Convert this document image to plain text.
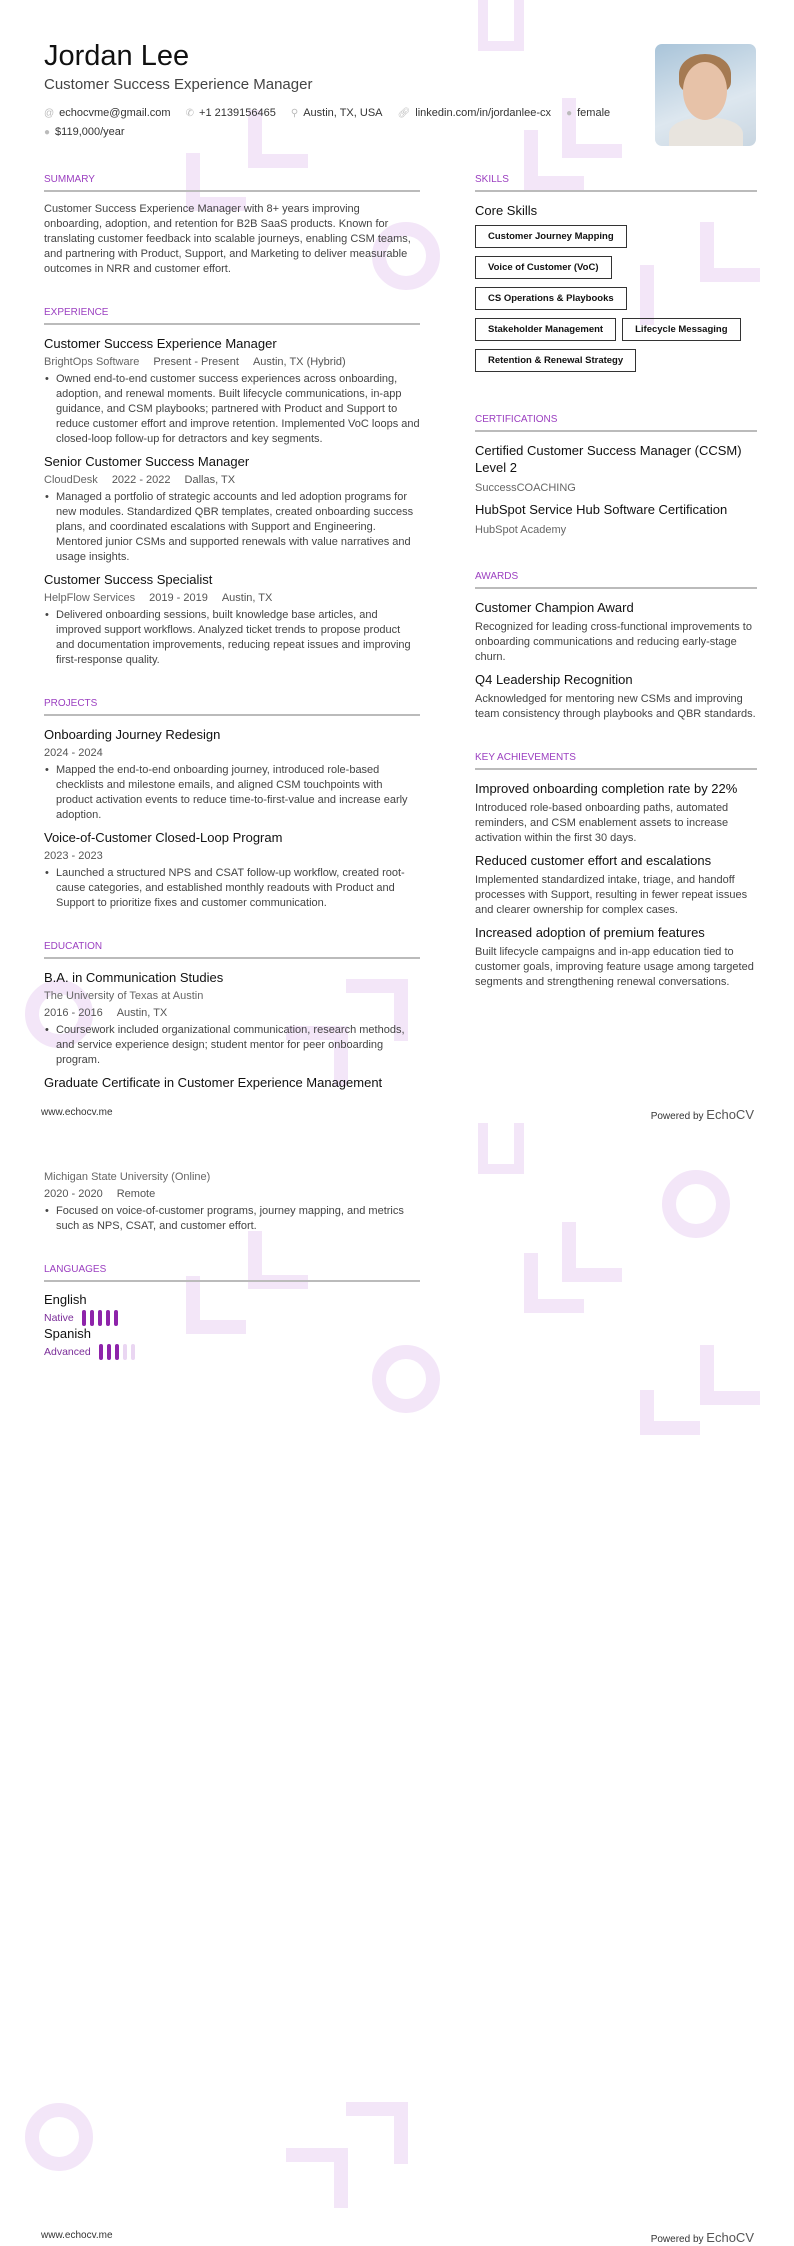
Jordan Lee
Customer Success Experience Manager
@ echocvme@gmail.com ✆ +1 2139156465 ⚲ Austin, TX, USA 🔗︎ linkedin.com/in/jordanlee-cx ● female
● $119,000/year
SUMMARY

Customer Success Experience Manager with 8+ years improving onboarding, adoption, and retention for B2B SaaS products. Known for translating customer feedback into scalable journeys, enabling CSM teams, and partnering with Product, Support, and Marketing to deliver measurable outcomes in NRR and customer effort.

EXPERIENCE
Customer Success Experience Manager
BrightOps Software Present - Present Austin, TX (Hybrid)
• Owned end-to-end customer success experiences across onboarding, adoption, and renewal moments. Built lifecycle communications, in-app guidance, and CSM playbooks; partnered with Product and Support to reduce customer effort and improve retention. Implemented VoC loops and closed-loop follow-up for detractors and key segments.
Senior Customer Success Manager
CloudDesk 2022 - 2022 Dallas, TX
• Managed a portfolio of strategic accounts and led adoption programs for new modules. Standardized QBR templates, created onboarding success plans, and coordinated escalations with Support and Engineering. Mentored junior CSMs and supported renewals with value narratives and usage insights.
Customer Success Specialist
HelpFlow Services 2019 - 2019 Austin, TX
• Delivered onboarding sessions, built knowledge base articles, and improved support workflows. Analyzed ticket trends to propose product and documentation improvements, reducing repeat issues and improving first-response quality.
PROJECTS
Onboarding Journey Redesign
2024 - 2024
• Mapped the end-to-end onboarding journey, introduced role-based checklists and milestone emails, and aligned CSM touchpoints with product activation events to reduce time-to-first-value and increase early adoption.
Voice-of-Customer Closed-Loop Program
2023 - 2023
• Launched a structured NPS and CSAT follow-up workflow, created root-cause categories, and established monthly readouts with Product and Support to prioritize fixes and customer communication.
EDUCATION
B.A. in Communication Studies
The University of Texas at Austin
2016 - 2016 Austin, TX
• Coursework included organizational communication, research methods, and service experience design; student mentor for peer onboarding program.
Graduate Certificate in Customer Experience Management
SKILLS
Core Skills
Customer Journey Mapping
Voice of Customer (VoC)
CS Operations & Playbooks
Stakeholder Management	Lifecycle Messaging
Retention & Renewal Strategy
CERTIFICATIONS
Certified Customer Success Manager (CCSM) Level 2
SuccessCOACHING
HubSpot Service Hub Software Certification
HubSpot Academy
AWARDS
Customer Champion Award

Recognized for leading cross-functional improvements to onboarding communications and reducing early-stage churn.

Q4 Leadership Recognition

Acknowledged for mentoring new CSMs and improving team consistency through playbooks and QBR standards.

KEY ACHIEVEMENTS
Improved onboarding completion rate by 22%

Introduced role-based onboarding paths, automated reminders, and CSM enablement assets to increase activation within the first 30 days.

Reduced customer effort and escalations

Implemented standardized intake, triage, and handoff processes with Support, resulting in fewer repeat issues and clearer ownership for complex cases.

Increased adoption of premium features

Built lifecycle campaigns and in-app education tied to customer goals, improving feature usage among targeted segments and strengthening renewal conversations.

www.echocv.me	Powered by EchoCV
Michigan State University (Online)
2020 - 2020 Remote
• Focused on voice-of-customer programs, journey mapping, and metrics such as NPS, CSAT, and customer effort.
LANGUAGES
English
Native

Spanish
Advanced
www.echocv.me	Powered by EchoCV
